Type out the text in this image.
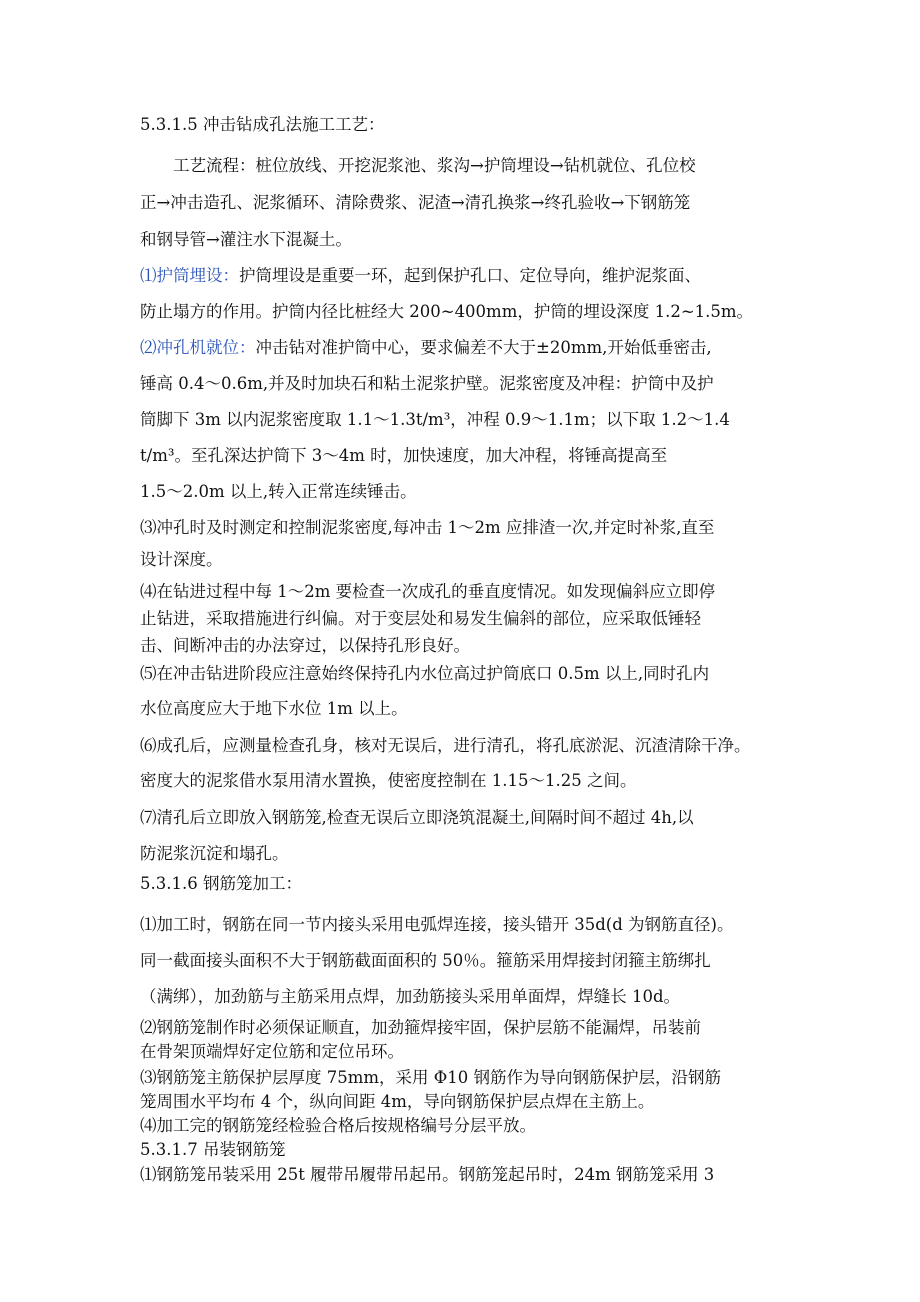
5.3.1.5 冲击钻成孔法施工工艺：
工艺流程：桩位放线、开挖泥浆池、浆沟→护筒埋设→钻机就位、孔位校
正→冲击造孔、泥浆循环、清除费浆、泥渣→清孔换浆→终孔验收→下钢筋笼
和钢导管→灌注水下混凝土。
⑴护筒埋设：护筒埋设是重要一环，起到保护孔口、定位导向，维护泥浆面、
防止塌方的作用。护筒内径比桩经大 200~400mm，护筒的埋设深度 1.2~1.5m。
⑵冲孔机就位：冲击钻对准护筒中心，要求偏差不大于±20mm,开始低垂密击,
锤高 0.4～0.6m,并及时加块石和粘土泥浆护壁。泥浆密度及冲程：护筒中及护
筒脚下 3m 以内泥浆密度取 1.1～1.3t/m³，冲程 0.9～1.1m；以下取 1.2～1.4
t/m³。至孔深达护筒下 3～4m 时，加快速度，加大冲程，将锤高提高至
1.5～2.0m 以上,转入正常连续锤击。
⑶冲孔时及时测定和控制泥浆密度,每冲击 1～2m 应排渣一次,并定时补浆,直至
设计深度。
⑷在钻进过程中每 1～2m 要检查一次成孔的垂直度情况。如发现偏斜应立即停
止钻进，采取措施进行纠偏。对于变层处和易发生偏斜的部位，应采取低锤轻
击、间断冲击的办法穿过，以保持孔形良好。
⑸在冲击钻进阶段应注意始终保持孔内水位高过护筒底口 0.5m 以上,同时孔内
水位高度应大于地下水位 1m 以上。
⑹成孔后，应测量检查孔身，核对无误后，进行清孔，将孔底淤泥、沉渣清除干净。
密度大的泥浆借水泵用清水置换，使密度控制在 1.15～1.25 之间。
⑺清孔后立即放入钢筋笼,检查无误后立即浇筑混凝土,间隔时间不超过 4h,以
防泥浆沉淀和塌孔。
5.3.1.6 钢筋笼加工：
⑴加工时，钢筋在同一节内接头采用电弧焊连接，接头错开 35d(d 为钢筋直径)。
同一截面接头面积不大于钢筋截面面积的 50％。箍筋采用焊接封闭箍主筋绑扎
（满绑），加劲筋与主筋采用点焊，加劲筋接头采用单面焊，焊缝长 10d。
⑵钢筋笼制作时必须保证顺直，加劲箍焊接牢固，保护层筋不能漏焊，吊装前
在骨架顶端焊好定位筋和定位吊环。
⑶钢筋笼主筋保护层厚度 75mm，采用 Φ10 钢筋作为导向钢筋保护层，沿钢筋
笼周围水平均布 4 个，纵向间距 4m，导向钢筋保护层点焊在主筋上。
⑷加工完的钢筋笼经检验合格后按规格编号分层平放。
5.3.1.7 吊装钢筋笼
⑴钢筋笼吊装采用 25t 履带吊履带吊起吊。钢筋笼起吊时，24m 钢筋笼采用 3
